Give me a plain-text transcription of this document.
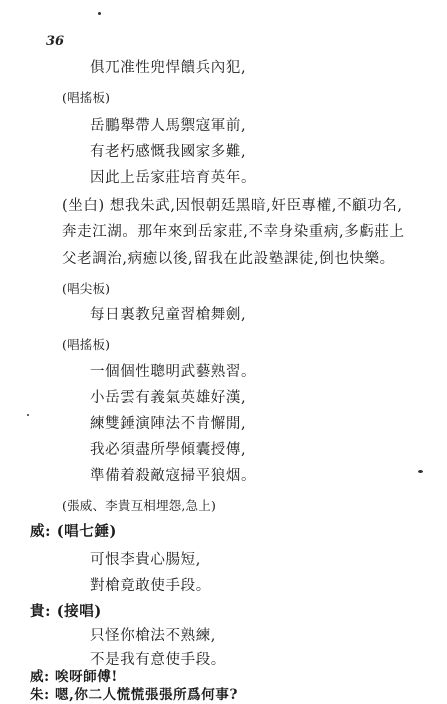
36
俱兀准性兜悍饋兵內犯,
(唱搖板)
岳鵬舉帶人馬禦寇軍前,
有老朽感慨我國家多難,
因此上岳家莊培育英年。
(坐白) 想我朱武,因恨朝廷黑暗,奸臣專權,不顧功名,
奔走江湖。那年來到岳家莊,不幸身染重病,多虧莊上
父老調治,病癒以後,留我在此設塾課徒,倒也快樂。
(唱尖板)
每日裏教兒童習槍舞劍,
(唱搖板)
一個個性聰明武藝熟習。
小岳雲有義氣英雄好漢,
練雙錘演陣法不肯懈閒,
我必須盡所學傾囊授傳,
準備着殺敵寇掃平狼烟。
(張威、李貴互相埋怨,急上)
威: (唱七錘)
可恨李貴心腸短,
對槍竟敢使手段。
貴: (接唱)
只怪你槍法不熟練,
不是我有意使手段。
威: 唉呀師傅!
朱: 嗯,你二人慌慌張張所爲何事?
